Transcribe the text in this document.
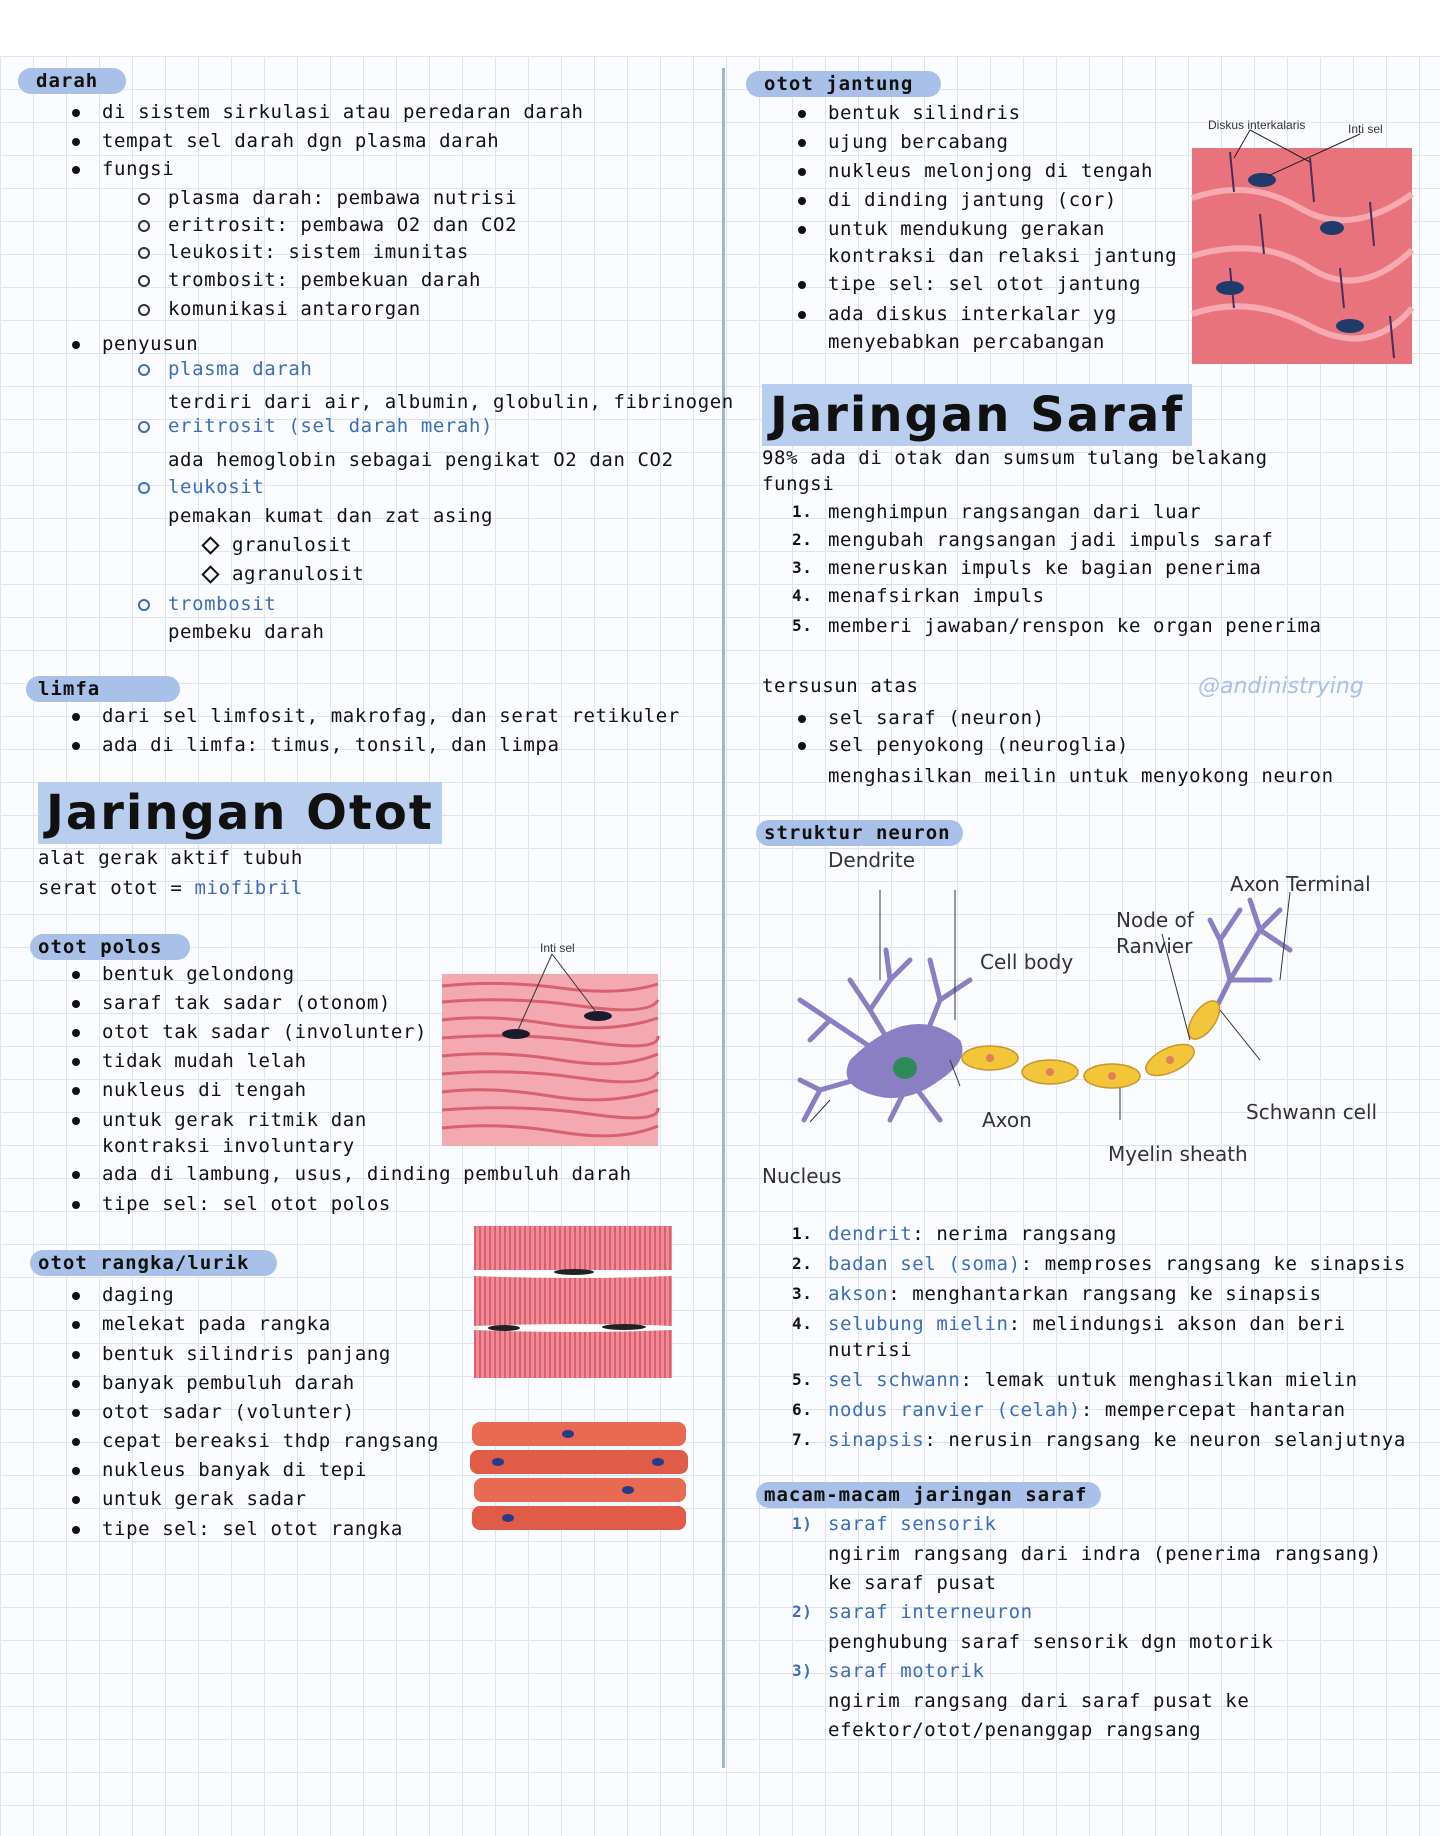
darah
di sistem sirkulasi atau peredaran darah
tempat sel darah dgn plasma darah
fungsi
plasma darah: pembawa nutrisi
eritrosit: pembawa O2 dan CO2
leukosit: sistem imunitas
trombosit: pembekuan darah
komunikasi antarorgan
penyusun
plasma darah
terdiri dari air, albumin, globulin, fibrinogen
eritrosit (sel darah merah)
ada hemoglobin sebagai pengikat O2 dan CO2
leukosit
pemakan kumat dan zat asing
granulosit
agranulosit
trombosit
pembeku darah
limfa
dari sel limfosit, makrofag, dan serat retikuler
ada di limfa: timus, tonsil, dan limpa
Jaringan Otot
alat gerak aktif tubuh
serat otot = miofibril
otot polos
bentuk gelondong
saraf tak sadar (otonom)
otot tak sadar (involunter)
tidak mudah lelah
nukleus di tengah
untuk gerak ritmik dan
kontraksi involuntary
ada di lambung, usus, dinding pembuluh darah
tipe sel: sel otot polos
Inti sel
otot rangka/lurik
daging
melekat pada rangka
bentuk silindris panjang
banyak pembuluh darah
otot sadar (volunter)
cepat bereaksi thdp rangsang
nukleus banyak di tepi
untuk gerak sadar
tipe sel: sel otot rangka
otot jantung
bentuk silindris
ujung bercabang
nukleus melonjong di tengah
di dinding jantung (cor)
untuk mendukung gerakan
kontraksi dan relaksi jantung
tipe sel: sel otot jantung
ada diskus interkalar yg
menyebabkan percabangan
Diskus interkalaris	Inti sel
Jaringan Saraf
98% ada di otak dan sumsum tulang belakang
fungsi
1. menghimpun rangsangan dari luar
2. mengubah rangsangan jadi impuls saraf
3. meneruskan impuls ke bagian penerima
4. menafsirkan impuls
5. memberi jawaban/renspon ke organ penerima
tersusun atas	@andinistrying
sel saraf (neuron)
sel penyokong (neuroglia)
menghasilkan meilin untuk menyokong neuron
struktur neuron
Dendrite
Axon Terminal
Node of
Ranvier
Cell body
Axon	Schwann cell
Myelin sheath
Nucleus
1. dendrit: nerima rangsang
2. badan sel (soma): memproses rangsang ke sinapsis
3. akson: menghantarkan rangsang ke sinapsis
4. selubung mielin: melindungsi akson dan beri
nutrisi
5. sel schwann: lemak untuk menghasilkan mielin
6. nodus ranvier (celah): mempercepat hantaran
7. sinapsis: nerusin rangsang ke neuron selanjutnya
macam-macam jaringan saraf
1) saraf sensorik
ngirim rangsang dari indra (penerima rangsang)
ke saraf pusat
2) saraf interneuron
penghubung saraf sensorik dgn motorik
3) saraf motorik
ngirim rangsang dari saraf pusat ke
efektor/otot/penanggap rangsang
